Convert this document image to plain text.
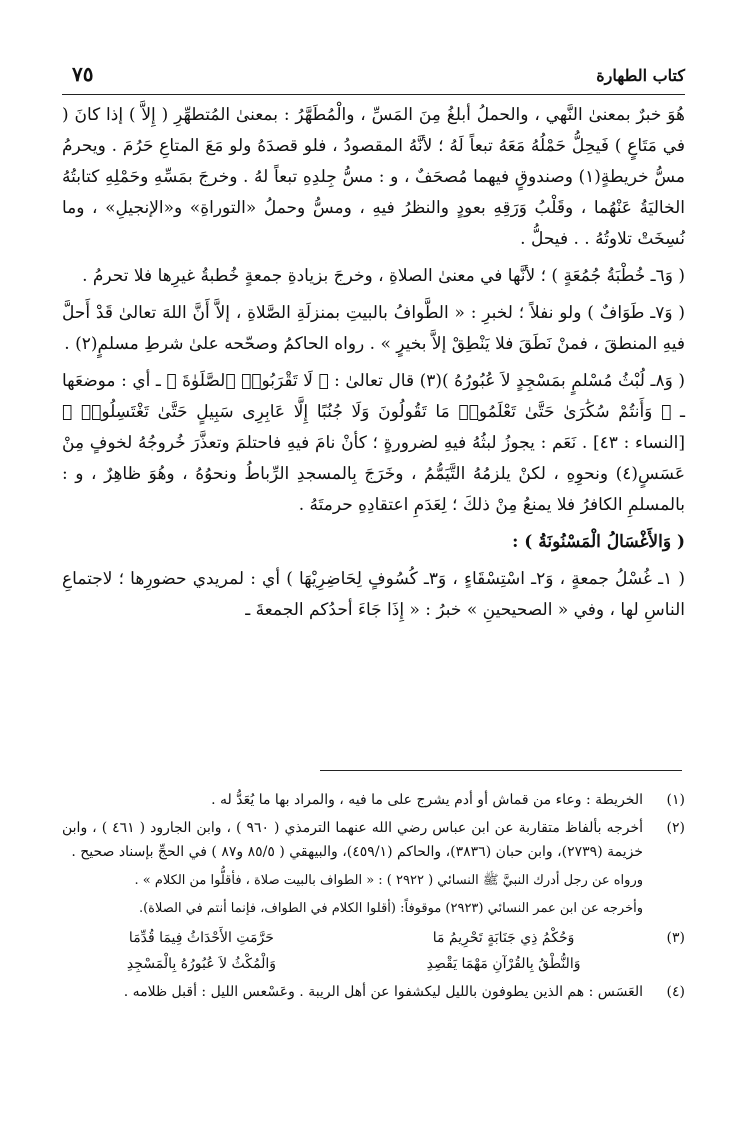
كتاب الطهارة
٧٥

هُوَ خبرٌ بمعنىٰ النَّهي ، والحملُ أبلغُ مِنَ المَسِّ ، والْمُطَهَّرُ : بمعنىٰ المُتطهِّرِ ( إِلاَّ ) إذا كانَ ( في مَتَاعٍ ) فَيحِلُّ حَمْلُهُ مَعَهُ تبعاً لَهُ ؛ لأنَّهُ المقصودُ ، فلو قصدَهُ ولو مَعَ المتاعِ حَرُمَ . ويحرمُ مسُّ خريطةٍ(١) وصندوقٍ فيهما مُصحَفٌ ، و : مسُّ جِلدِهِ تبعاً لهُ . وخرجَ بمَسِّهِ وحَمْلِهِ كتابتُهُ الخاليَةُ عَنْهُما ، وقَلْبُ وَرَقِهِ بعودٍ والنظرُ فيهِ ، ومسُّ وحملُ «التوراةِ» و«الإنجيلِ» ، وما نُسِخَتْ تلاوتُهُ . . فيحلُّ .

( وَ٦ـ خُطْبَةُ جُمُعَةٍ ) ؛ لأنَّها في معنىٰ الصلاةِ ، وخرجَ بزيادةِ جمعةٍ خُطبةُ غيرِها فلا تحرمُ .

( وَ٧ـ طَوَافٌ ) ولو نفلاً ؛ لخبرِ : « الطَّوافُ بالبيتِ بمنزلَةِ الصَّلاةِ ، إلاَّ أَنَّ اللهَ تعالىٰ قَدْ أَحلَّ فيهِ المنطقَ ، فمنْ نَطَقَ فلا يَنْطِقْ إلاَّ بخيرٍ » . رواه الحاكمُ وصحّحه علىٰ شرطِ مسلمٍ(٢) .

( وَ٨ـ لُبْثُ مُسْلمٍ بمَسْجِدٍ لاَ عُبُورُهُ )(٣) قال تعالىٰ : ﴿ لَا تَقْرَبُوا۟ ٱلصَّلَوٰةَ ﴾ ـ أي : موضعَها ـ ﴿ وَأَنتُمْ سُكَٰرَىٰ حَتَّىٰ تَعْلَمُوا۟ مَا تَقُولُونَ وَلَا جُنُبًا إِلَّا عَابِرِى سَبِيلٍ حَتَّىٰ تَغْتَسِلُوا۟ ﴾ [النساء : ٤٣] . نَعَم : يجوزُ لبثُهُ فيهِ لضرورةٍ ؛ كأنْ نامَ فيهِ فاحتلمَ وتعذَّرَ خُروجُهُ لخوفٍ مِنْ عَسَسٍ(٤) ونحوِهِ ، لكنْ يلزمُهُ التَّيَمُّمُ ، وخَرَجَ بِالمسجدِ الرِّباطُ ونحوُهُ ، وهُوَ ظاهِرٌ ، و : بالمسلمِ الكافرُ فلا يمنعُ مِنْ ذلكَ ؛ لِعَدَمِ اعتقادِهِ حرمتَهُ .

( وَالأَغْسَالُ الْمَسْنُونَةُ ) :

( ١ـ غُسْلُ جمعةٍ ، وَ٢ـ اسْتِسْقَاءٍ ، وَ٣ـ كُسُوفٍ لِحَاضِرِيْهَا ) أي : لمريدي حضورِها ؛ لاجتماعِ الناسِ لها ، وفي « الصحيحينِ » خبرُ : « إِذَا جَاءَ أحدُكم الجمعةَ ـ

(١)
الخريطة : وعاء من قماش أو أدم يشرج على ما فيه ، والمراد بها ما يُعَدُّ له .
(٢)
أخرجه بألفاظ متقاربة عن ابن عباس رضي الله عنهما الترمذي ( ٩٦٠ ) ، وابن الجارود ( ٤٦١ ) ، وابن خزيمة (٢٧٣٩)، وابن حبان (٣٨٣٦)، والحاكم (٤٥٩/١)، والبيهقي ( ٨٥/٥ و٨٧ ) في الحجِّ بإسناد صحيح .
ورواه عن رجل أدرك النبيَّ ﷺ النسائي ( ٢٩٢٢ ) : « الطواف بالبيت صلاة ، فأقلُّوا من الكلام » .
وأخرجه عن ابن عمر النسائي (٢٩٢٣) موقوفاً: (أقلوا الكلام في الطواف، فإنما أنتم في الصلاة).
(٣)
وَحُكْمُ ذِي جَنَابَةٍ تَحْرِيمُ مَا
حَرَّمَتِ الأَحْدَاثُ فِيمَا قُدِّمَا
وَالنُّطْقُ بِالقُرْآنِ مَهْمَا يَقْصِدِ
وَالْمُكْثُ لاَ عُبُورُهُ بِالْمَسْجِدِ
(٤)
العَسَس : هم الذين يطوفون بالليل ليكشفوا عن أهل الريبة . وعَسْعس الليل : أقبل ظلامه .
